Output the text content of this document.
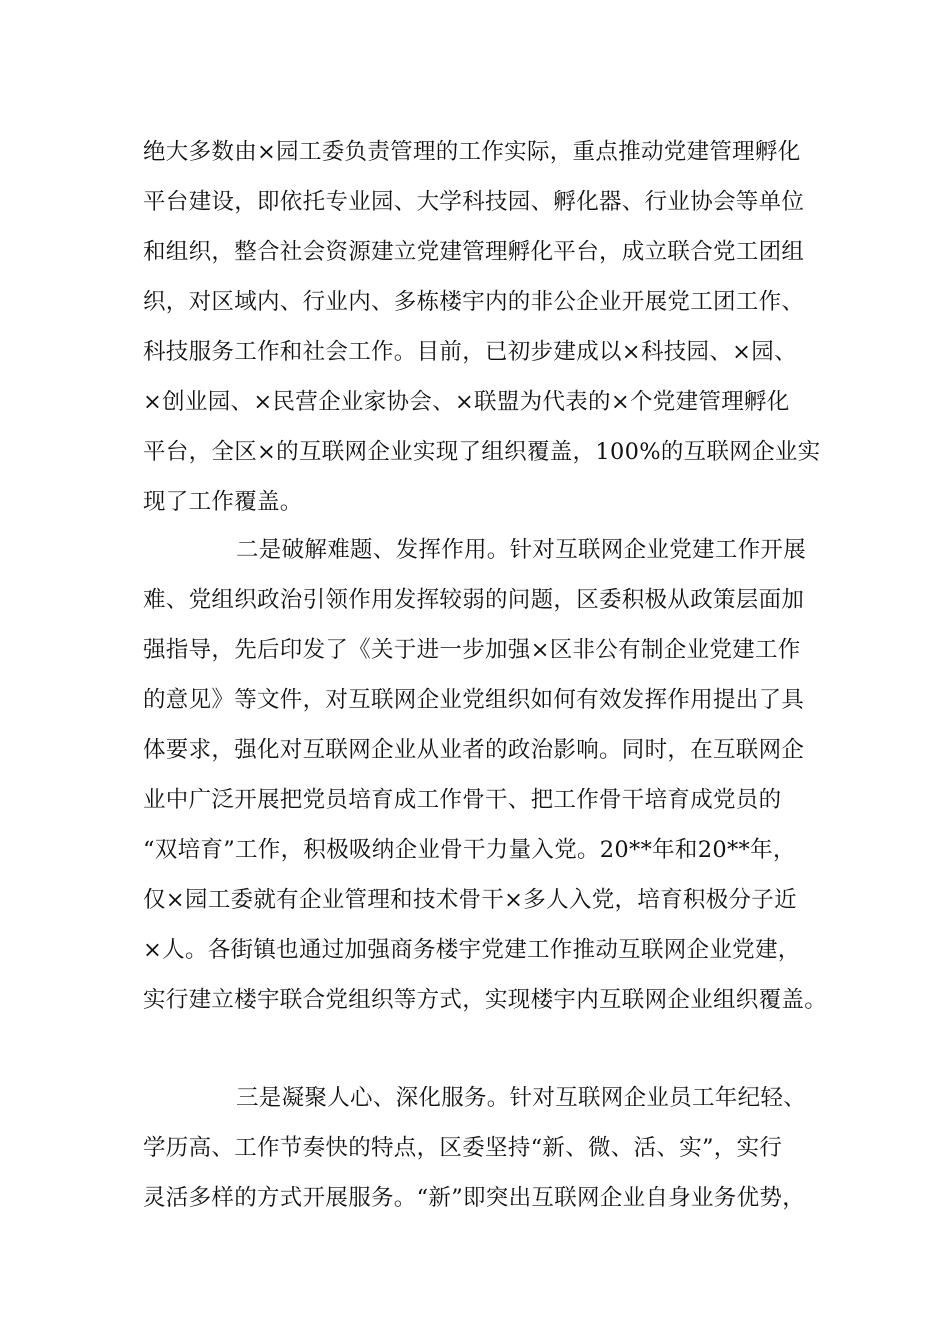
绝大多数由×园工委负责管理的工作实际，重点推动党建管理孵化
平台建设，即依托专业园、大学科技园、孵化器、行业协会等单位
和组织，整合社会资源建立党建管理孵化平台，成立联合党工团组
织，对区域内、行业内、多栋楼宇内的非公企业开展党工团工作、
科技服务工作和社会工作。目前，已初步建成以×科技园、×园、
×创业园、×民营企业家协会、×联盟为代表的×个党建管理孵化
平台，全区×的互联网企业实现了组织覆盖，100%的互联网企业实
现了工作覆盖。
二是破解难题、发挥作用。针对互联网企业党建工作开展
难、党组织政治引领作用发挥较弱的问题，区委积极从政策层面加
强指导，先后印发了《关于进一步加强×区非公有制企业党建工作
的意见》等文件，对互联网企业党组织如何有效发挥作用提出了具
体要求，强化对互联网企业从业者的政治影响。同时，在互联网企
业中广泛开展把党员培育成工作骨干、把工作骨干培育成党员的
“双培育”工作，积极吸纳企业骨干力量入党。20**年和20**年，
仅×园工委就有企业管理和技术骨干×多人入党，培育积极分子近
×人。各街镇也通过加强商务楼宇党建工作推动互联网企业党建，
实行建立楼宇联合党组织等方式，实现楼宇内互联网企业组织覆盖。
三是凝聚人心、深化服务。针对互联网企业员工年纪轻、
学历高、工作节奏快的特点，区委坚持“新、微、活、实”，实行
灵活多样的方式开展服务。“新”即突出互联网企业自身业务优势，
